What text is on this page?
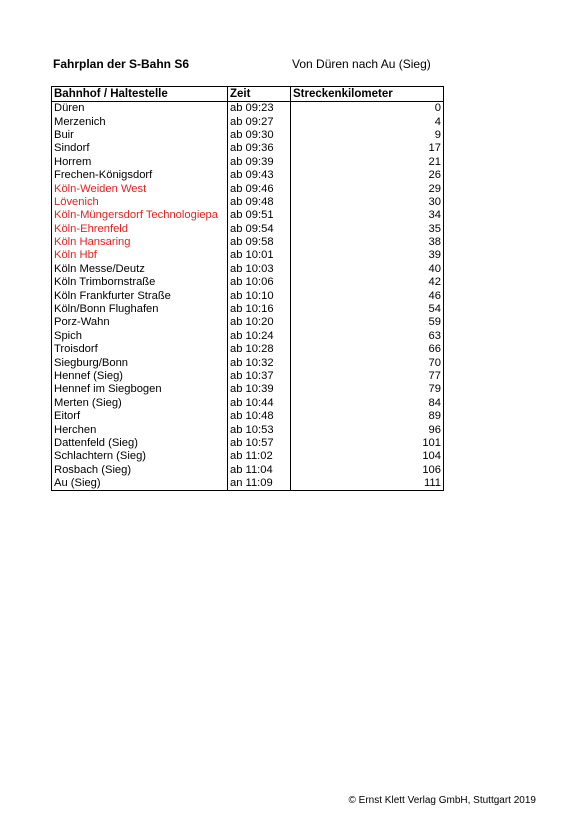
Fahrplan der S-Bahn S6	Von Düren nach Au (Sieg)
Bahnhof / Haltestelle	Zeit	Streckenkilometer
Düren	ab 09:23	0
Merzenich	ab 09:27	4
Buir	ab 09:30	9
Sindorf	ab 09:36	17
Horrem	ab 09:39	21
Frechen-Königsdorf	ab 09:43	26
Köln-Weiden West	ab 09:46	29
Lövenich	ab 09:48	30
Köln-Müngersdorf Technologiepa	ab 09:51	34
Köln-Ehrenfeld	ab 09:54	35
Köln Hansaring	ab 09:58	38
Köln Hbf	ab 10:01	39
Köln Messe/Deutz	ab 10:03	40
Köln Trimbornstraße	ab 10:06	42
Köln Frankfurter Straße	ab 10:10	46
Köln/Bonn Flughafen	ab 10:16	54
Porz-Wahn	ab 10:20	59
Spich	ab 10:24	63
Troisdorf	ab 10:28	66
Siegburg/Bonn	ab 10:32	70
Hennef (Sieg)	ab 10:37	77
Hennef im Siegbogen	ab 10:39	79
Merten (Sieg)	ab 10:44	84
Eitorf	ab 10:48	89
Herchen	ab 10:53	96
Dattenfeld (Sieg)	ab 10:57	101
Schlachtern (Sieg)	ab 11:02	104
Rosbach (Sieg)	ab 11:04	106
Au (Sieg)	an 11:09	111
© Ernst Klett Verlag GmbH, Stuttgart 2019
